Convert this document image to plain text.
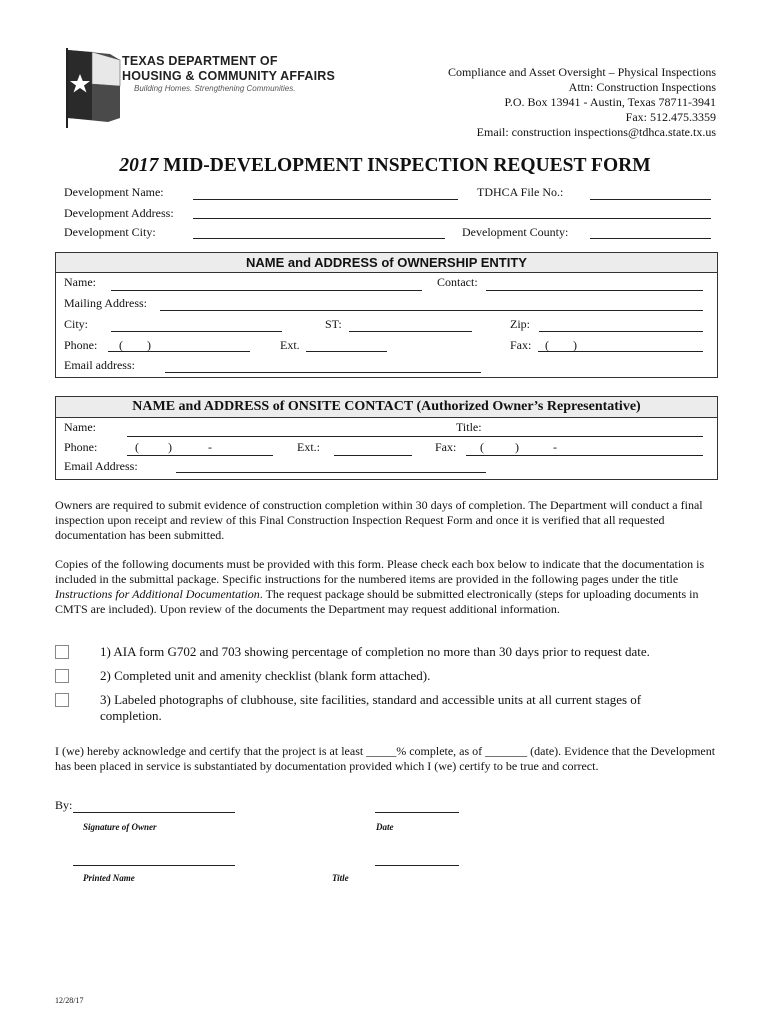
TEXAS DEPARTMENT OF
HOUSING & COMMUNITY AFFAIRS
Building Homes. Strengthening Communities.
Compliance and Asset Oversight – Physical Inspections
Attn: Construction Inspections
P.O. Box 13941 - Austin, Texas 78711-3941
Fax: 512.475.3359
Email: construction inspections@tdhca.state.tx.us
2017 MID-DEVELOPMENT INSPECTION REQUEST FORM
Development Name:	TDHCA File No.:
Development Address:
Development City:	Development County:
NAME and ADDRESS of OWNERSHIP ENTITY
Name:	Contact:
Mailing Address:
City:	ST:	Zip:
Phone: (        )	Ext.	Fax: (        )
Email address:
NAME and ADDRESS of ONSITE CONTACT (Authorized Owner’s Representative)
Name:	Title:
Phone:	( )	-	Ext.:	Fax: (	)	-
Email Address:
Owners are required to submit evidence of construction completion within 30 days of completion. The Department will conduct a final inspection upon receipt and review of this Final Construction Inspection Request Form and once it is verified that all requested documentation has been submitted.
Copies of the following documents must be provided with this form. Please check each box below to indicate that the documentation is included in the submittal package. Specific instructions for the numbered items are provided in the following pages under the title Instructions for Additional Documentation. The request package should be submitted electronically (steps for uploading documents in CMTS are included). Upon review of the documents the Department may request additional information.
1) AIA form G702 and 703 showing percentage of completion no more than 30 days prior to request date.
2) Completed unit and amenity checklist (blank form attached).
3) Labeled photographs of clubhouse, site facilities, standard and accessible units at all current stages of completion.
I (we) hereby acknowledge and certify that the project is at least _____% complete, as of _______ (date). Evidence that the Development has been placed in service is substantiated by documentation provided which I (we) certify to be true and correct.
By:
Signature of Owner	Date
Printed Name	Title
12/28/17
